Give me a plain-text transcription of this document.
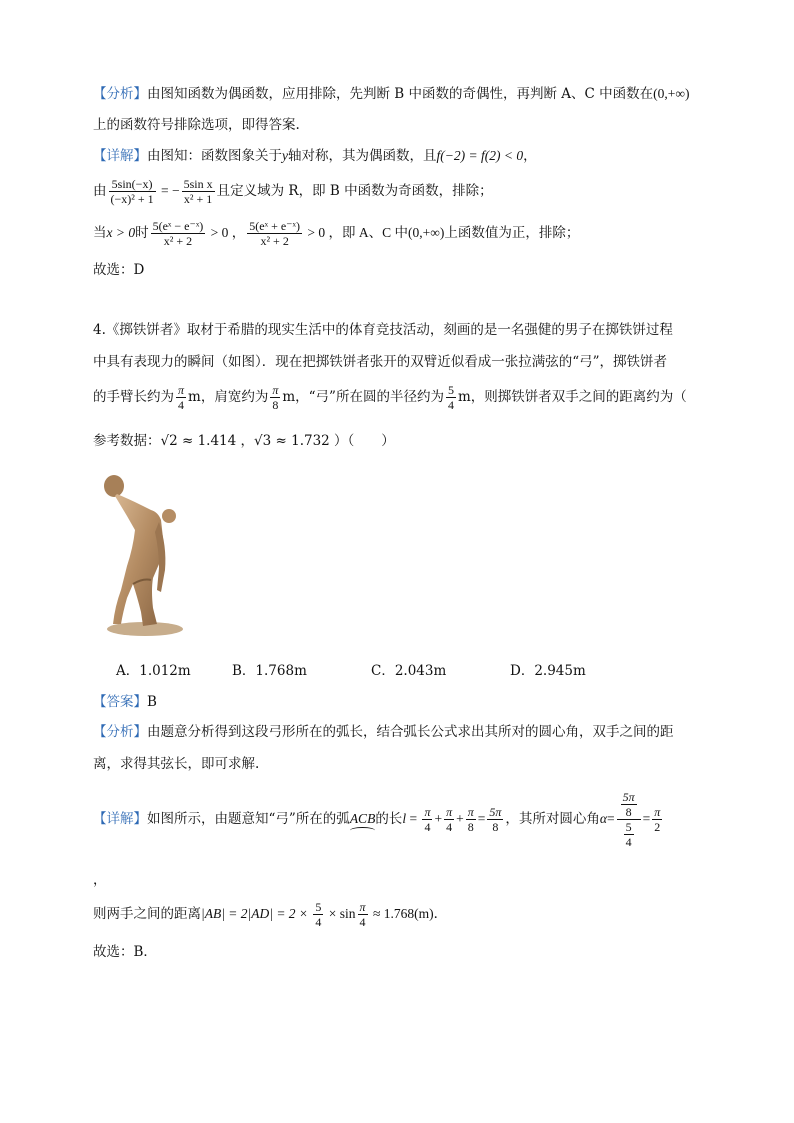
【分析】由图知函数为偶函数，应用排除，先判断 B 中函数的奇偶性，再判断 A、C 中函数在(0,+∞)
上的函数符号排除选项，即得答案.
【详解】由图知：函数图象关于y轴对称，其为偶函数，且f(−2) = f(2) < 0，
由 $\frac{5\sin(-x)}{\text{(−x)² + 1}}$ = − $\frac{\text{5sin x}}{\text{x² + 1}}$ 且定义域为 R，即 B 中函数为奇函数，排除；
当x > 0时 $\frac{\text{5(eˣ − e⁻ˣ)}}{\text{x² + 2}} > 0$ ， $\frac{\text{5(eˣ + e⁻ˣ)}}{\text{x² + 2}} > 0$ ，即 A、C 中(0,+∞)上函数值为正，排除；
故选：D
4.《掷铁饼者》取材于希腊的现实生活中的体育竞技活动，刻画的是一名强健的男子在掷铁饼过程
中具有表现力的瞬间（如图）．现在把掷铁饼者张开的双臂近似看成一张拉满弦的“弓”，掷铁饼者
的手臂长约为 $\frac{\pi}{4}$ m，肩宽约为 $\frac{\pi}{8}$ m，“弓”所在圆的半径约为 $\frac{5}{4}$ m，则掷铁饼者双手之间的距离约为（
参考数据：√2 ≈ 1.414 ，√3 ≈ 1.732 ）（　　）
A．1.012m	B．1.768m	C．2.043m	D．2.945m
【答案】B
【分析】由题意分析得到这段弓形所在的弧长，结合弧长公式求出其所对的圆心角，双手之间的距
离，求得其弦长，即可求解.
【详解】如图所示，由题意知“弓”所在的弧
ACB的长$l = \frac{\pi}{4} + \frac{\pi}{4} + \frac{\pi}{8} = \frac{5\pi}{8}$ ，其所对圆心角$\alpha= \frac{\frac{5\pi}{8}}{\frac{5}{4}} = \frac{\pi}{2}$
，
则两手之间的距离$|AB| = 2|AD| = 2 \times \frac{5}{4} \times \sin \frac{\pi}{4} \approx 1.768(m)$．
故选：B．
